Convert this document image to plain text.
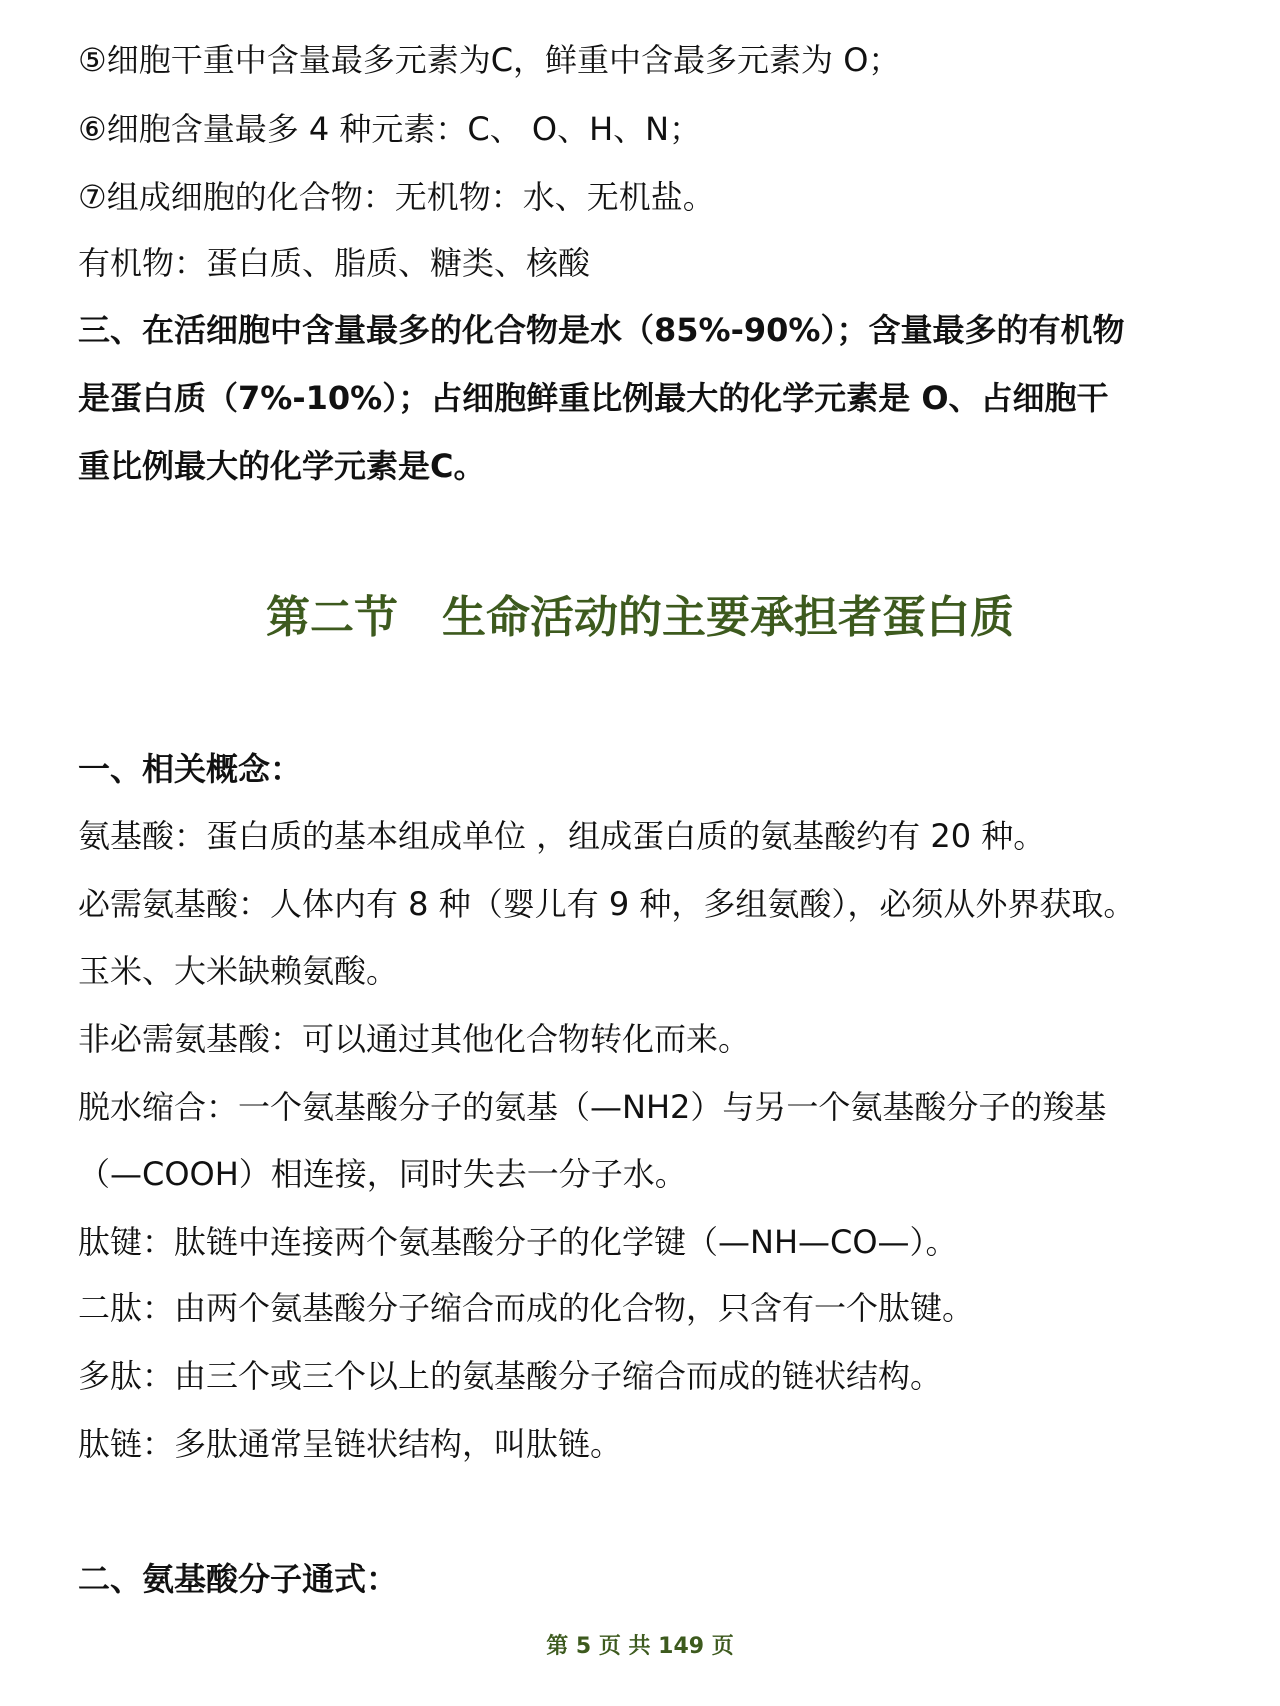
⑤细胞干重中含量最多元素为C，鲜重中含最多元素为 O；
⑥细胞含量最多 4 种元素：C、 O、H、N；
⑦组成细胞的化合物：无机物：水、无机盐。
有机物：蛋白质、脂质、糖类、核酸
三、在活细胞中含量最多的化合物是水（85%-90%）；含量最多的有机物
是蛋白质（7%-10%）；占细胞鲜重比例最大的化学元素是 O、占细胞干
重比例最大的化学元素是C。
第二节　生命活动的主要承担者蛋白质
一、相关概念：
氨基酸：蛋白质的基本组成单位 ，组成蛋白质的氨基酸约有 20 种。
必需氨基酸：人体内有 8 种（婴儿有 9 种，多组氨酸），必须从外界获取。
玉米、大米缺赖氨酸。
非必需氨基酸：可以通过其他化合物转化而来。
脱水缩合：一个氨基酸分子的氨基（—NH2）与另一个氨基酸分子的羧基
（—COOH）相连接，同时失去一分子水。
肽键：肽链中连接两个氨基酸分子的化学键（—NH—CO—）。
二肽：由两个氨基酸分子缩合而成的化合物，只含有一个肽键。
多肽：由三个或三个以上的氨基酸分子缩合而成的链状结构。
肽链：多肽通常呈链状结构，叫肽链。
二、氨基酸分子通式：
第 5 页 共 149 页
